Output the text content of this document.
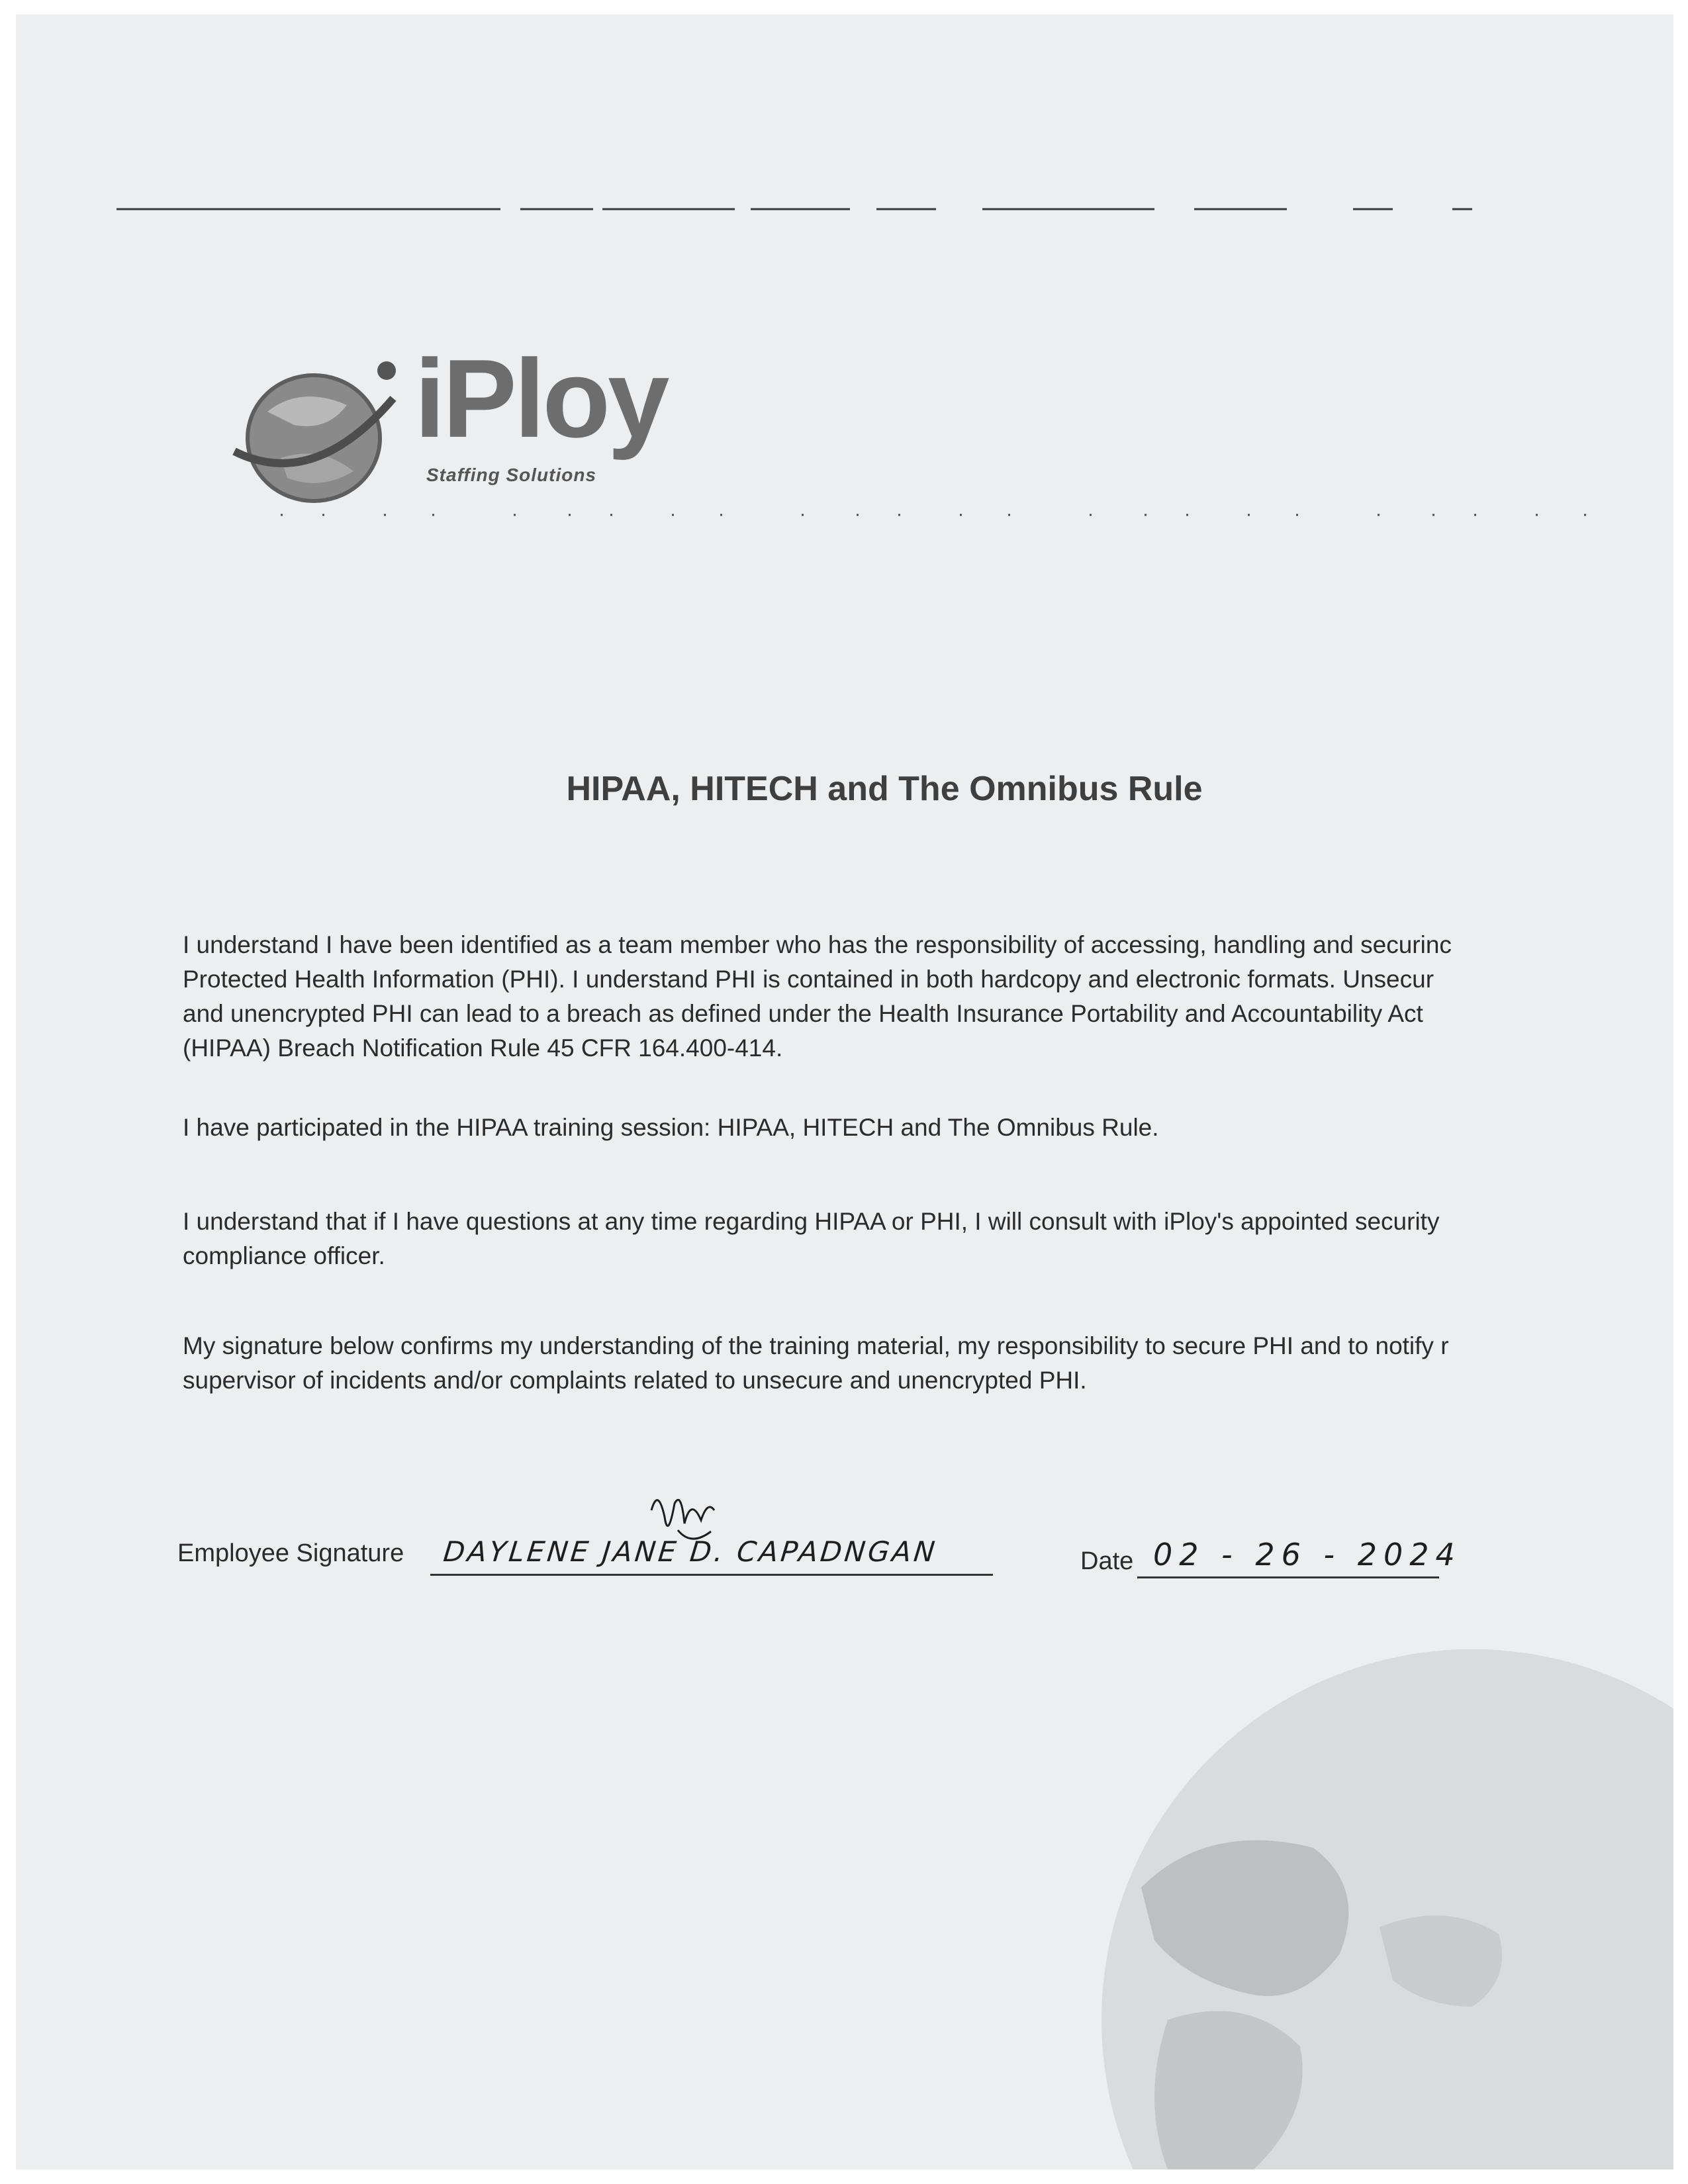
iPloy
Staffing Solutions
HIPAA, HITECH and The Omnibus Rule
I understand I have been identified as a team member who has the responsibility of accessing, handling and securinc
Protected Health Information (PHI). I understand PHI is contained in both hardcopy and electronic formats. Unsecur
and unencrypted PHI can lead to a breach as defined under the Health Insurance Portability and Accountability Act
(HIPAA) Breach Notification Rule 45 CFR 164.400-414.
I have participated in the HIPAA training session: HIPAA, HITECH and The Omnibus Rule.
I understand that if I have questions at any time regarding HIPAA or PHI, I will consult with iPloy's appointed security
compliance officer.
My signature below confirms my understanding of the training material, my responsibility to secure PHI and to notify r
supervisor of incidents and/or complaints related to unsecure and unencrypted PHI.
Employee Signature DAYLENE JANE D. CAPADNGAN	Date 02 - 26 - 2024
